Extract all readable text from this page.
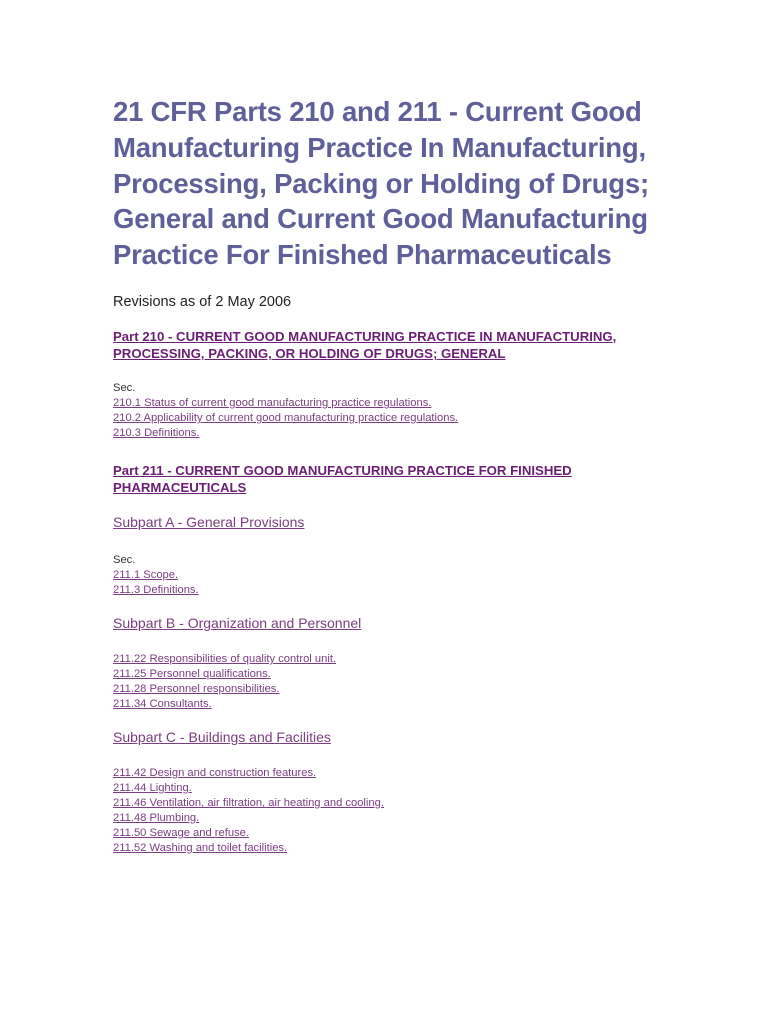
21 CFR Parts 210 and 211 - Current Good Manufacturing Practice In Manufacturing, Processing, Packing or Holding of Drugs; General and Current Good Manufacturing Practice For Finished Pharmaceuticals

Revisions as of 2 May 2006

Part 210 - CURRENT GOOD MANUFACTURING PRACTICE IN MANUFACTURING, PROCESSING, PACKING, OR HOLDING OF DRUGS; GENERAL

Sec.

210.1 Status of current good manufacturing practice regulations.
210.2 Applicability of current good manufacturing practice regulations.
210.3 Definitions.
Part 211 - CURRENT GOOD MANUFACTURING PRACTICE FOR FINISHED PHARMACEUTICALS
Subpart A - General Provisions

Sec.

211.1 Scope.
211.3 Definitions.
Subpart B - Organization and Personnel
211.22 Responsibilities of quality control unit.
211.25 Personnel qualifications.
211.28 Personnel responsibilities.
211.34 Consultants.
Subpart C - Buildings and Facilities
211.42 Design and construction features.
211.44 Lighting.
211.46 Ventilation, air filtration, air heating and cooling.
211.48 Plumbing.
211.50 Sewage and refuse.
211.52 Washing and toilet facilities.
